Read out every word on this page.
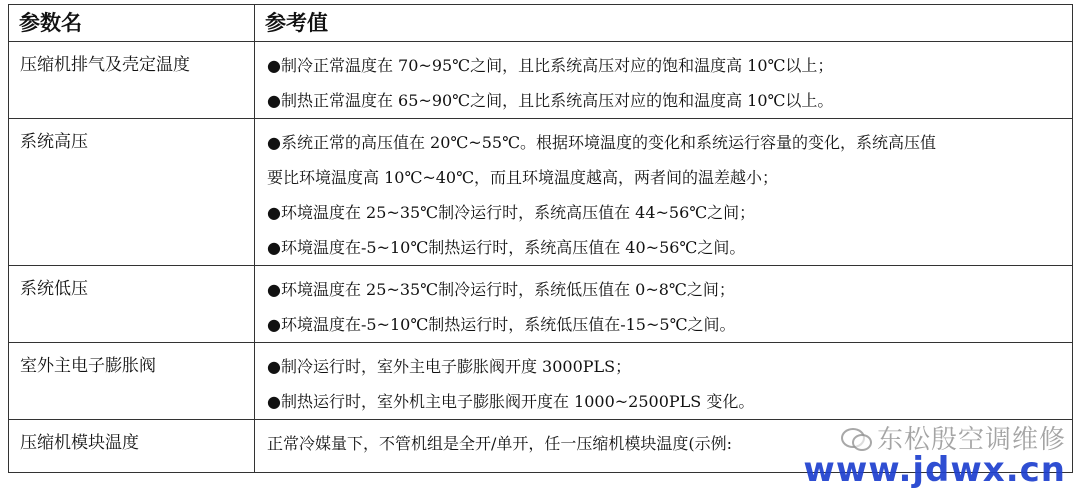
参数名	参考值
压缩机排气及壳定温度	●制冷正常温度在 70~95℃之间，且比系统高压对应的饱和温度高 10℃以上；
●制热正常温度在 65~90℃之间，且比系统高压对应的饱和温度高 10℃以上。

系统高压	●系统正常的高压值在 20℃~55℃。根据环境温度的变化和系统运行容量的变化，系统高压值
要比环境温度高 10℃~40℃，而且环境温度越高，两者间的温差越小；
●环境温度在 25~35℃制冷运行时，系统高压值在 44~56℃之间；
●环境温度在-5~10℃制热运行时，系统高压值在 40~56℃之间。

系统低压	●环境温度在 25~35℃制冷运行时，系统低压值在 0~8℃之间；
●环境温度在-5~10℃制热运行时，系统低压值在-15~5℃之间。

室外主电子膨胀阀	●制冷运行时，室外主电子膨胀阀开度 3000PLS；
●制热运行时，室外机主电子膨胀阀开度在 1000~2500PLS 变化。

压缩机模块温度	正常冷媒量下，不管机组是全开/单开，任一压缩机模块温度(示例:	东松殷空调维修
www.jdwx.cn
